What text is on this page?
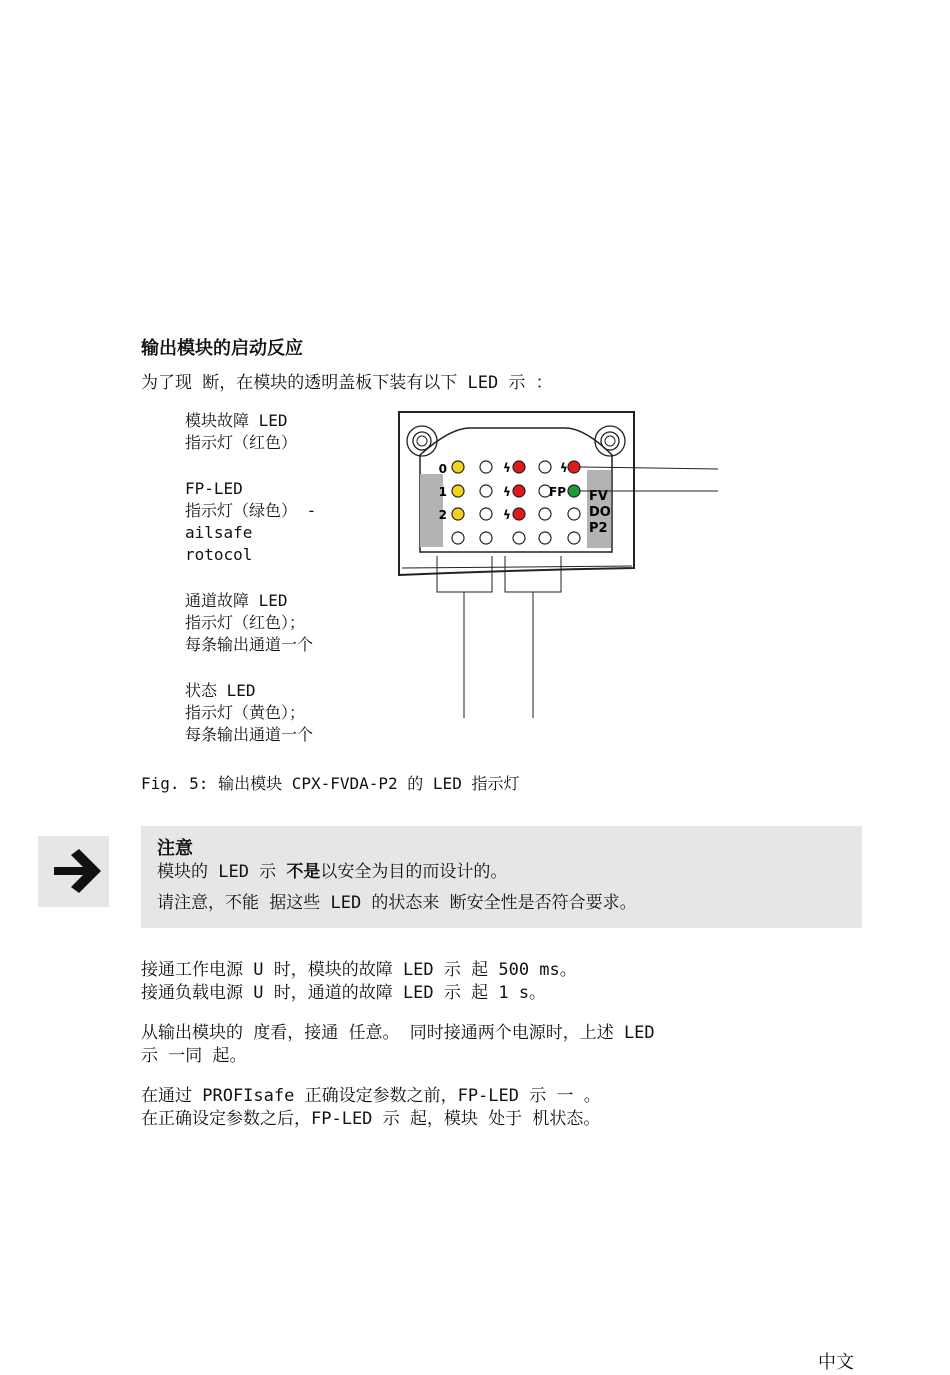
输出模块的启动反应
为了现 断，在模块的透明盖板下装有以下 LED 示 ：
模块故障 LED
指示灯（红色）
FP-LED
指示灯（绿色） -
ailsafe
rotocol
通道故障 LED
指示灯（红色）；
每条输出通道一个
状态 LED
指示灯（黄色）；
每条输出通道一个
0
1
2
ϟ	ϟ
ϟ
ϟ
FP FV
DO
P2
Fig. 5: 输出模块 CPX-FVDA-P2 的 LED 指示灯
注意
模块的 LED 示 不是以安全为目的而设计的。
请注意，不能 据这些 LED 的状态来 断安全性是否符合要求。
接通工作电源 U 时，模块的故障 LED 示 起 500 ms。
接通负载电源 U 时，通道的故障 LED 示 起 1 s。
从输出模块的 度看，接通 任意。 同时接通两个电源时，上述 LED
示 一同 起。
在通过 PROFIsafe 正确设定参数之前，FP-LED 示 一 。
在正确设定参数之后，FP-LED 示 起，模块 处于 机状态。
中文
